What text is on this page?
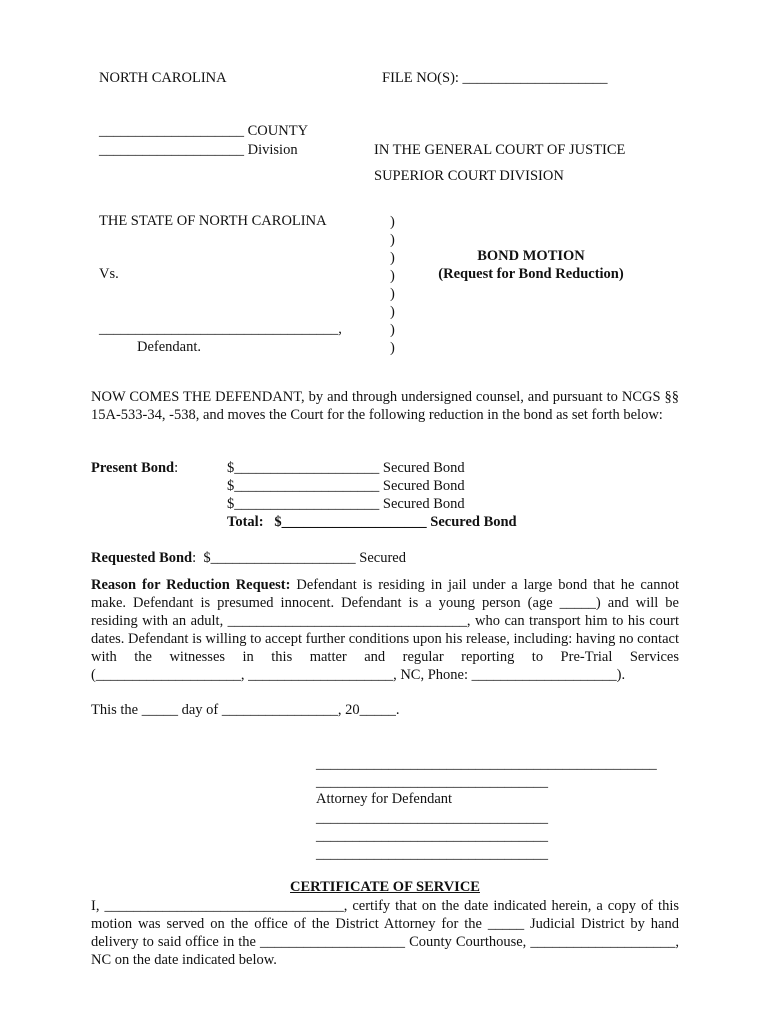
NORTH CAROLINA	FILE NO(S): ____________________
____________________ COUNTY
____________________ Division	IN THE GENERAL COURT OF JUSTICE
SUPERIOR COURT DIVISION
THE STATE OF NORTH CAROLINA
Vs.
_________________________________,
Defendant.
)
)
)
)
)
)
)
)
BOND MOTION
(Request for Bond Reduction)
NOW COMES THE DEFENDANT, by and through undersigned counsel, and pursuant to NCGS §§ 15A-533-34, -538, and moves the Court for the following reduction in the bond as set forth below:
Present Bond:	$____________________ Secured Bond
$____________________ Secured Bond
$____________________ Secured Bond
Total:   $____________________ Secured Bond
Requested Bond:  $____________________ Secured
Reason for Reduction Request: Defendant is residing in jail under a large bond that he cannot make. Defendant is presumed innocent. Defendant is a young person (age _____) and will be residing with an adult, _________________________________, who can transport him to his court dates. Defendant is willing to accept further conditions upon his release, including: having no contact with the witnesses in this matter and regular reporting to Pre-Trial Services (____________________, ____________________, NC, Phone: ____________________).
This the _____ day of ________________, 20_____.
_______________________________________________
________________________________
Attorney for Defendant
________________________________
________________________________
________________________________
CERTIFICATE OF SERVICE
I, _________________________________, certify that on the date indicated herein, a copy of this motion was served on the office of the District Attorney for the _____ Judicial District by hand delivery to said office in the ____________________ County Courthouse, ____________________, NC on the date indicated below.
